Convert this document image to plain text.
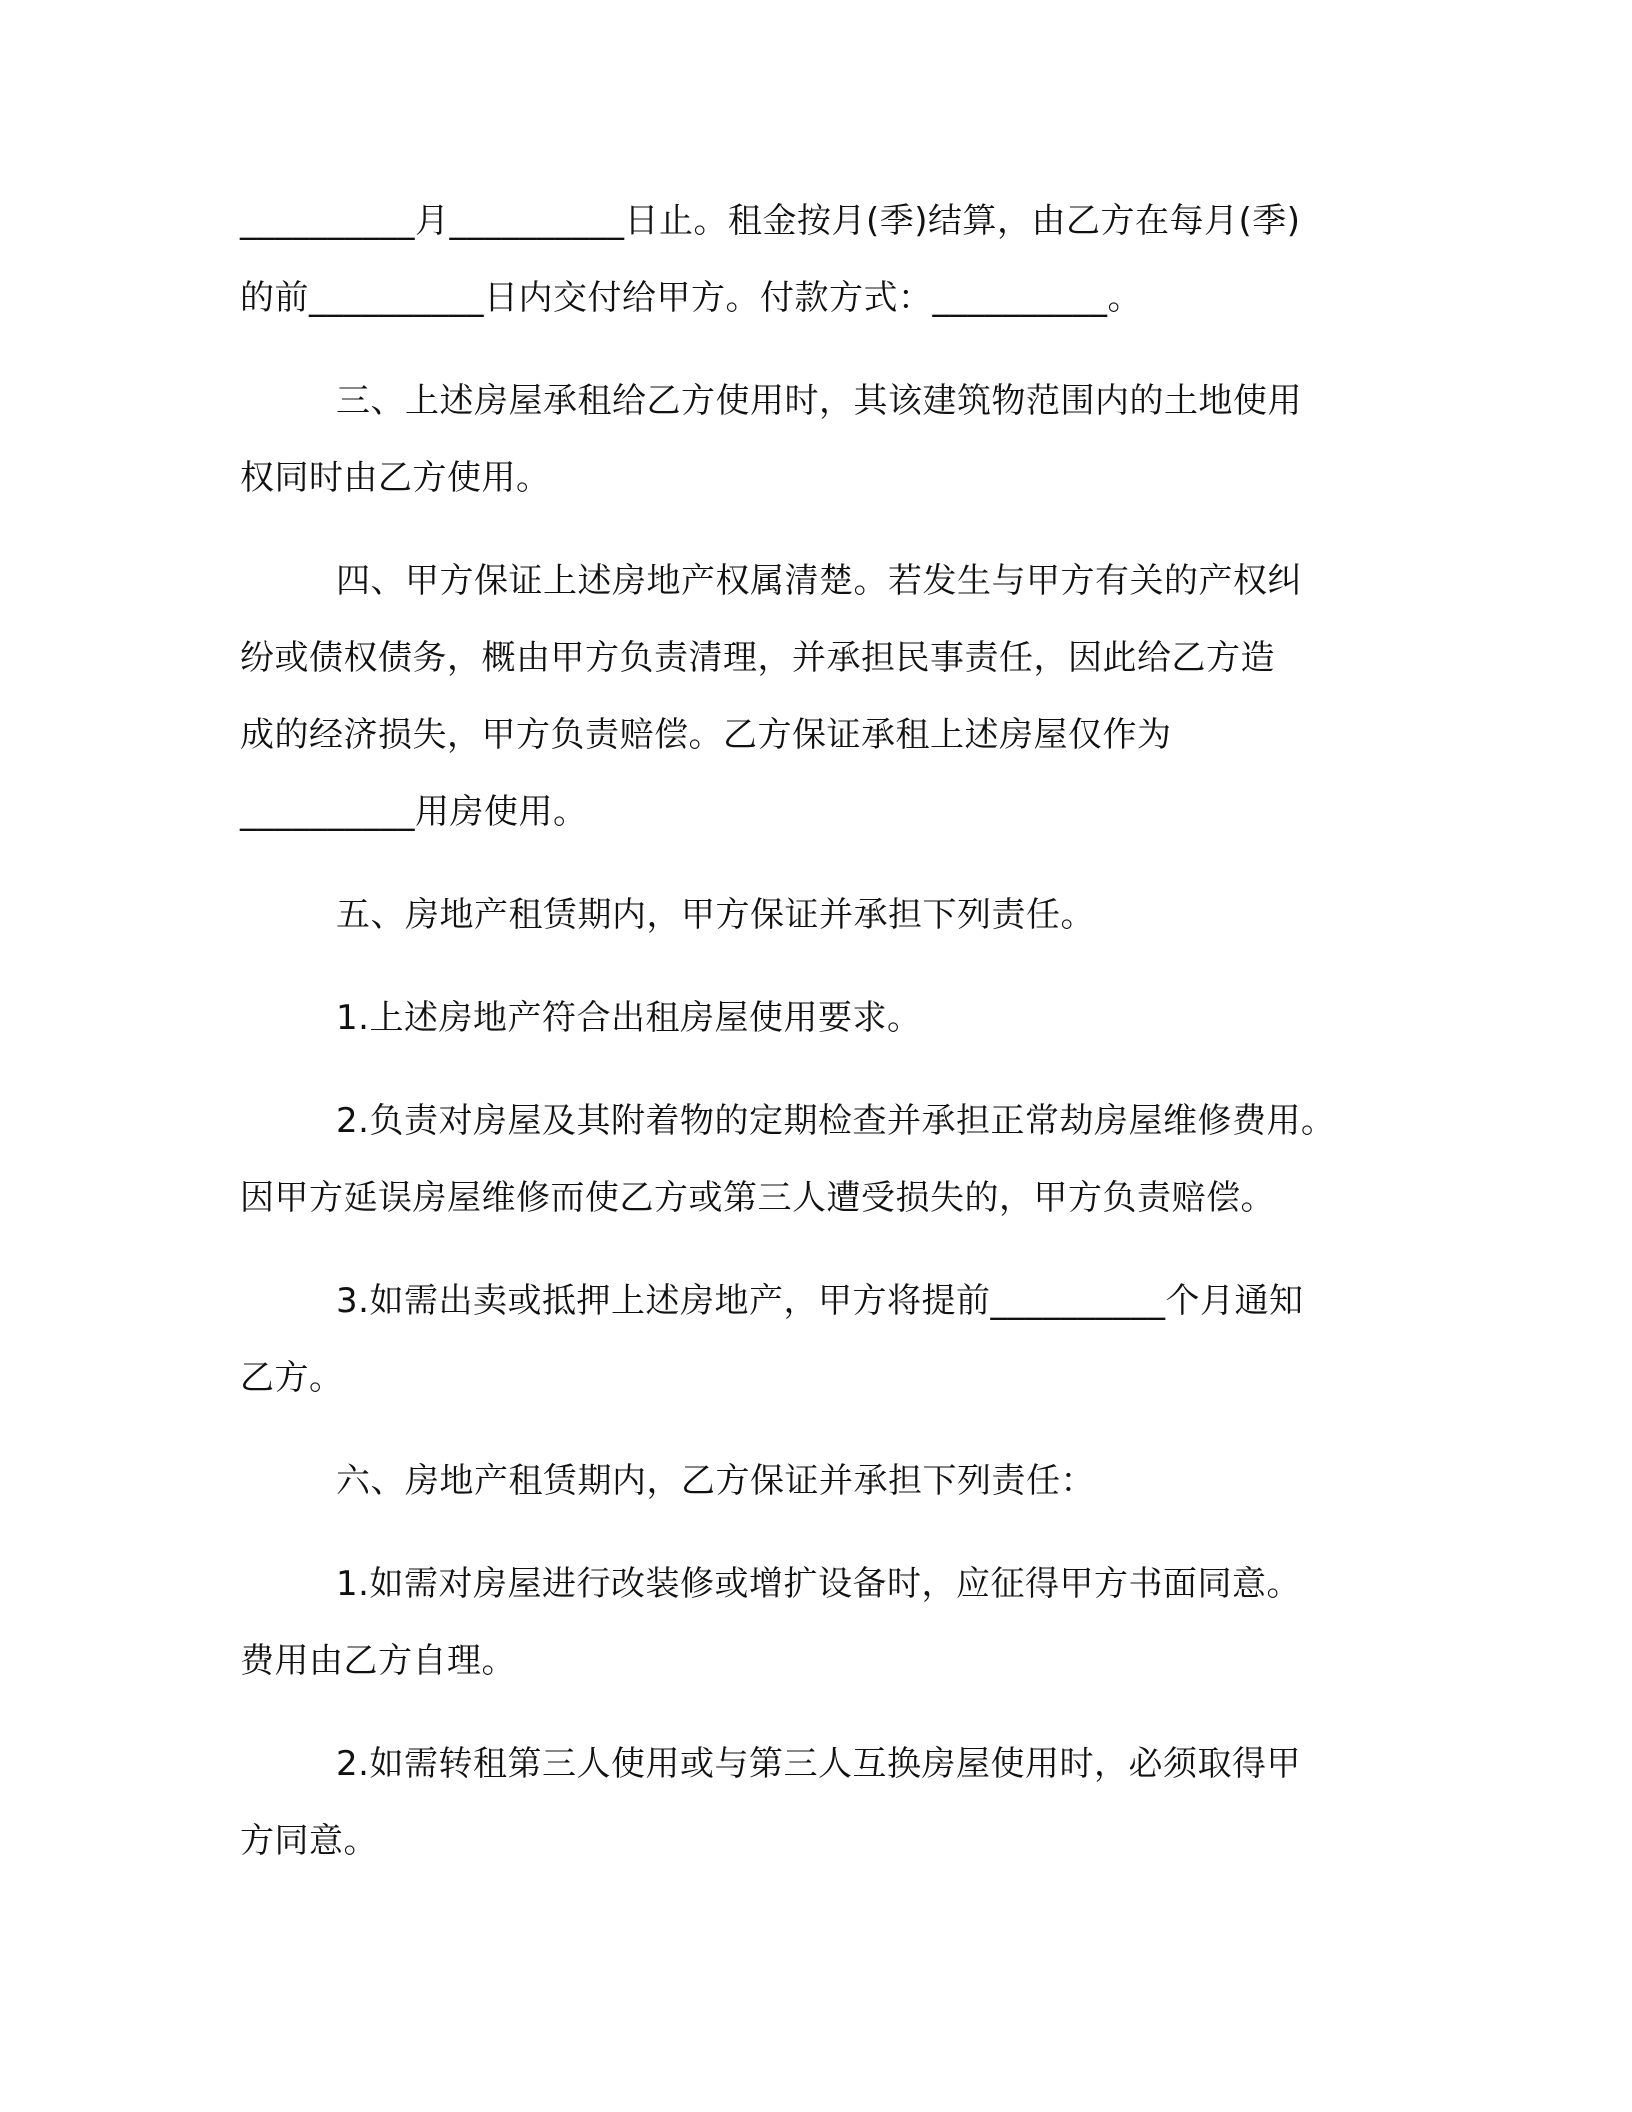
__________月__________日止。租金按月(季)结算，由乙方在每月(季)
的前__________日内交付给甲方。付款方式：__________。

三、上述房屋承租给乙方使用时，其该建筑物范围内的土地使用
权同时由乙方使用。

四、甲方保证上述房地产权属清楚。若发生与甲方有关的产权纠
纷或债权债务，概由甲方负责清理，并承担民事责任，因此给乙方造
成的经济损失，甲方负责赔偿。乙方保证承租上述房屋仅作为
__________用房使用。

五、房地产租赁期内，甲方保证并承担下列责任。

1.上述房地产符合出租房屋使用要求。

2.负责对房屋及其附着物的定期检查并承担正常劫房屋维修费用。
因甲方延误房屋维修而使乙方或第三人遭受损失的，甲方负责赔偿。

3.如需出卖或抵押上述房地产，甲方将提前__________个月通知
乙方。

六、房地产租赁期内，乙方保证并承担下列责任：

1.如需对房屋进行改装修或增扩设备时，应征得甲方书面同意。
费用由乙方自理。

2.如需转租第三人使用或与第三人互换房屋使用时，必须取得甲
方同意。
